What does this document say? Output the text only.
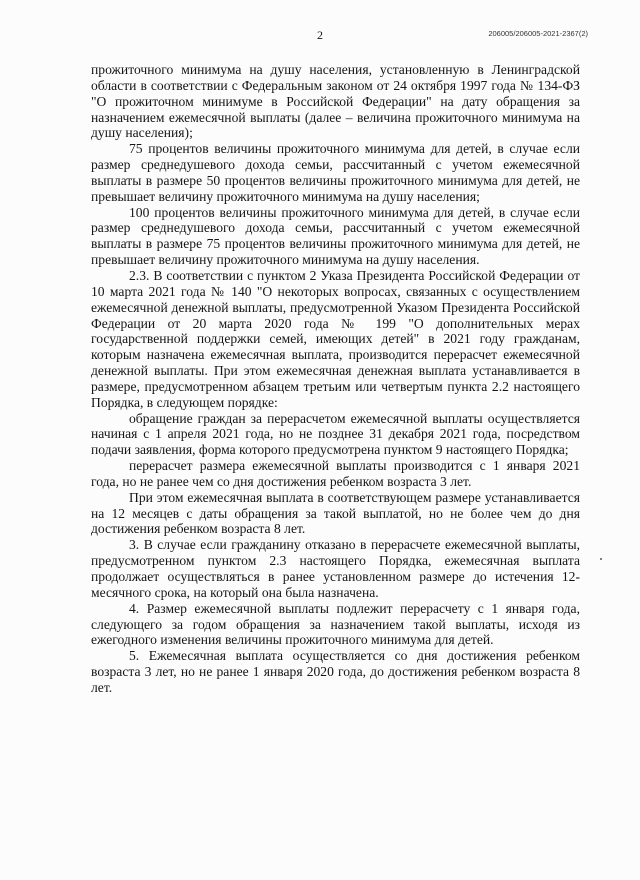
2	206005/206005-2021-2367(2)

прожиточного минимума на душу населения, установленную в Ленинградской области в соответствии с Федеральным законом от 24 октября 1997 года № 134-ФЗ "О прожиточном минимуме в Российской Федерации" на дату обращения за назначением ежемесячной выплаты (далее – величина прожиточного минимума на душу населения);

75 процентов величины прожиточного минимума для детей, в случае если размер среднедушевого дохода семьи, рассчитанный с учетом ежемесячной выплаты в размере 50 процентов величины прожиточного минимума для детей, не превышает величину прожиточного минимума на душу населения;

100 процентов величины прожиточного минимума для детей, в случае если размер среднедушевого дохода семьи, рассчитанный с учетом ежемесячной выплаты в размере 75 процентов величины прожиточного минимума для детей, не превышает величину прожиточного минимума на душу населения.

2.3. В соответствии с пунктом 2 Указа Президента Российской Федерации от 10 марта 2021 года № 140 "О некоторых вопросах, связанных с осуществлением ежемесячной денежной выплаты, предусмотренной Указом Президента Российской Федерации от 20 марта 2020 года № 199 "О дополнительных мерах государственной поддержки семей, имеющих детей" в 2021 году гражданам, которым назначена ежемесячная выплата, производится перерасчет ежемесячной денежной выплаты. При этом ежемесячная денежная выплата устанавливается в размере, предусмотренном абзацем третьим или четвертым пункта 2.2 настоящего Порядка, в следующем порядке:

обращение граждан за перерасчетом ежемесячной выплаты осуществляется начиная с 1 апреля 2021 года, но не позднее 31 декабря 2021 года, посредством подачи заявления, форма которого предусмотрена пунктом 9 настоящего Порядка;

перерасчет размера ежемесячной выплаты производится с 1 января 2021 года, но не ранее чем со дня достижения ребенком возраста 3 лет.

При этом ежемесячная выплата в соответствующем размере устанавливается на 12 месяцев с даты обращения за такой выплатой, но не более чем до дня достижения ребенком возраста 8 лет.

3. В случае если гражданину отказано в перерасчете ежемесячной выплаты, предусмотренном пунктом 2.3 настоящего Порядка, ежемесячная выплата продолжает осуществляться в ранее установленном размере до истечения 12-месячного срока, на который она была назначена.

4. Размер ежемесячной выплаты подлежит перерасчету с 1 января года, следующего за годом обращения за назначением такой выплаты, исходя из ежегодного изменения величины прожиточного минимума для детей.

5. Ежемесячная выплата осуществляется со дня достижения ребенком возраста 3 лет, но не ранее 1 января 2020 года, до достижения ребенком возраста 8 лет.
